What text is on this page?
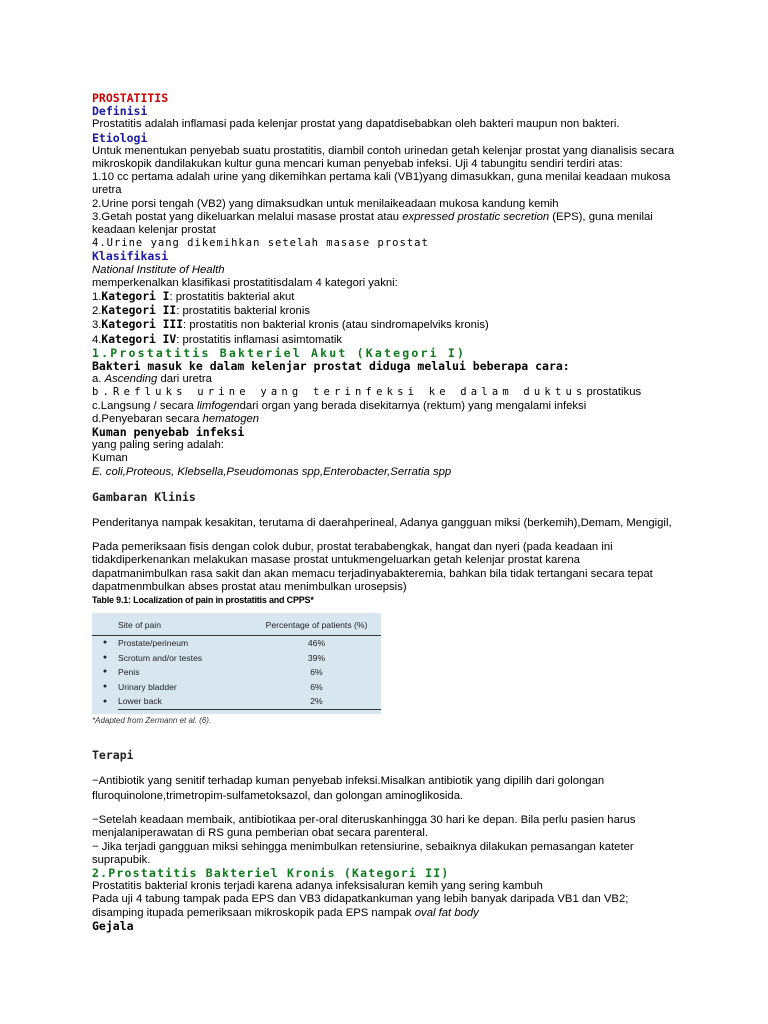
PROSTATITIS

Definisi

Prostatitis adalah inflamasi pada kelenjar prostat yang dapatdisebabkan oleh bakteri maupun non bakteri.

Etiologi

Untuk menentukan penyebab suatu prostatitis, diambil contoh urinedan getah kelenjar prostat yang dianalisis secara mikroskopik dandilakukan kultur guna mencari kuman penyebab infeksi. Uji 4 tabungitu sendiri terdiri atas:

1.10 cc pertama adalah urine yang dikemihkan pertama kali (VB1)yang dimasukkan, guna menilai keadaan mukosa uretra

2.Urine porsi tengah (VB2) yang dimaksudkan untuk menilaikeadaan mukosa kandung kemih

3.Getah postat yang dikeluarkan melalui masase prostat atau expressed prostatic secretion (EPS), guna menilai keadaan kelenjar prostat

4.Urine yang dikemihkan setelah masase prostat

Klasifikasi

National Institute of Health

memperkenalkan klasifikasi prostatitisdalam 4 kategori yakni:

1.Kategori I: prostatitis bakterial akut

2.Kategori II: prostatitis bakterial kronis

3.Kategori III: prostatitis non bakterial kronis (atau sindromapelviks kronis)

4.Kategori IV: prostatitis inflamasi asimtomatik

1.Prostatitis Bakteriel Akut (Kategori I)

Bakteri masuk ke dalam kelenjar prostat diduga melalui beberapa cara:

a. Ascending dari uretra

b.Refluks urine yang terinfeksi ke dalam duktusprostatikus

c.Langsung / secara limfogendari organ yang berada disekitarnya (rektum) yang mengalami infeksi

d.Penyebaran secara hematogen

Kuman penyebab infeksi

yang paling sering adalah:

Kuman

E. coli,Proteous, Klebsella,Pseudomonas spp,Enterobacter,Serratia spp

Gambaran Klinis

Penderitanya nampak kesakitan, terutama di daerahperineal, Adanya gangguan miksi (berkemih),Demam, Mengigil,

Pada pemeriksaan fisis dengan colok dubur, prostat terababengkak, hangat dan nyeri (pada keadaan ini tidakdiperkenankan melakukan masase prostat untukmengeluarkan getah kelenjar prostat karena dapatmanimbulkan rasa sakit dan akan memacu terjadinyabakteremia, bahkan bila tidak tertangani secara tepat dapatmenmbulkan abses prostat atau menimbulkan urosepsis)

Table 9.1: Localization of pain in prostatitis and CPPS*

	Site of pain	Percentage of patients (%)
●	Prostate/perineum	46%
●	Scrotum and/or testes	39%
●	Penis	6%
●	Urinary bladder	6%
●	Lower back	2%

*Adapted from Zermann et al. (6).

Terapi

−Antibiotik yang senitif terhadap kuman penyebab infeksi.Misalkan antibiotik yang dipilih dari golongan fluroquinolone,trimetropim-sulfametoksazol, dan golongan aminoglikosida.

−Setelah keadaan membaik, antibiotikaa per-oral diteruskanhingga 30 hari ke depan. Bila perlu pasien harus menjalaniperawatan di RS guna pemberian obat secara parenteral.

− Jika terjadi gangguan miksi sehingga menimbulkan retensiurine, sebaiknya dilakukan pemasangan kateter suprapubik.

2.Prostatitis Bakteriel Kronis (Kategori II)

Prostatitis bakterial kronis terjadi karena adanya infeksisaluran kemih yang sering kambuh

Pada uji 4 tabung tampak pada EPS dan VB3 didapatkankuman yang lebih banyak daripada VB1 dan VB2; disamping itupada pemeriksaan mikroskopik pada EPS nampak oval fat body

Gejala
